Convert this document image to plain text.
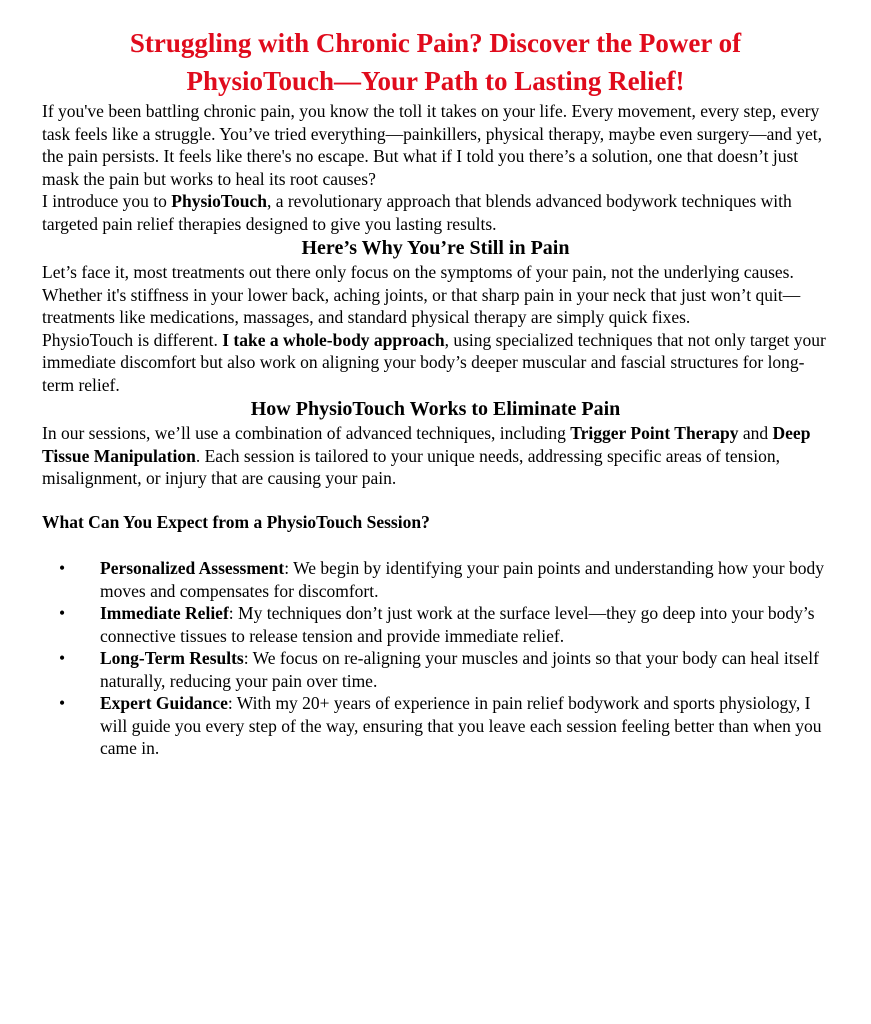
Struggling with Chronic Pain? Discover the Power of
PhysioTouch—Your Path to Lasting Relief!

If you've been battling chronic pain, you know the toll it takes on your life. Every movement, every step, every task feels like a struggle. You’ve tried everything—painkillers, physical therapy, maybe even surgery—and yet, the pain persists. It feels like there's no escape. But what if I told you there’s a solution, one that doesn’t just mask the pain but works to heal its root causes?

I introduce you to PhysioTouch, a revolutionary approach that blends advanced bodywork techniques with targeted pain relief therapies designed to give you lasting results.

Here’s Why You’re Still in Pain

Let’s face it, most treatments out there only focus on the symptoms of your pain, not the underlying causes. Whether it's stiffness in your lower back, aching joints, or that sharp pain in your neck that just won’t quit—treatments like medications, massages, and standard physical therapy are simply quick fixes.

PhysioTouch is different. I take a whole-body approach, using specialized techniques that not only target your immediate discomfort but also work on aligning your body’s deeper muscular and fascial structures for long-term relief.

How PhysioTouch Works to Eliminate Pain

In our sessions, we’ll use a combination of advanced techniques, including Trigger Point Therapy and Deep Tissue Manipulation. Each session is tailored to your unique needs, addressing specific areas of tension, misalignment, or injury that are causing your pain.

What Can You Expect from a PhysioTouch Session?
• Personalized Assessment: We begin by identifying your pain points and understanding how your body moves and compensates for discomfort.
• Immediate Relief: My techniques don’t just work at the surface level—they go deep into your body’s connective tissues to release tension and provide immediate relief.
• Long-Term Results: We focus on re-aligning your muscles and joints so that your body can heal itself naturally, reducing your pain over time.
• Expert Guidance: With my 20+ years of experience in pain relief bodywork and sports physiology, I will guide you every step of the way, ensuring that you leave each session feeling better than when you came in.
